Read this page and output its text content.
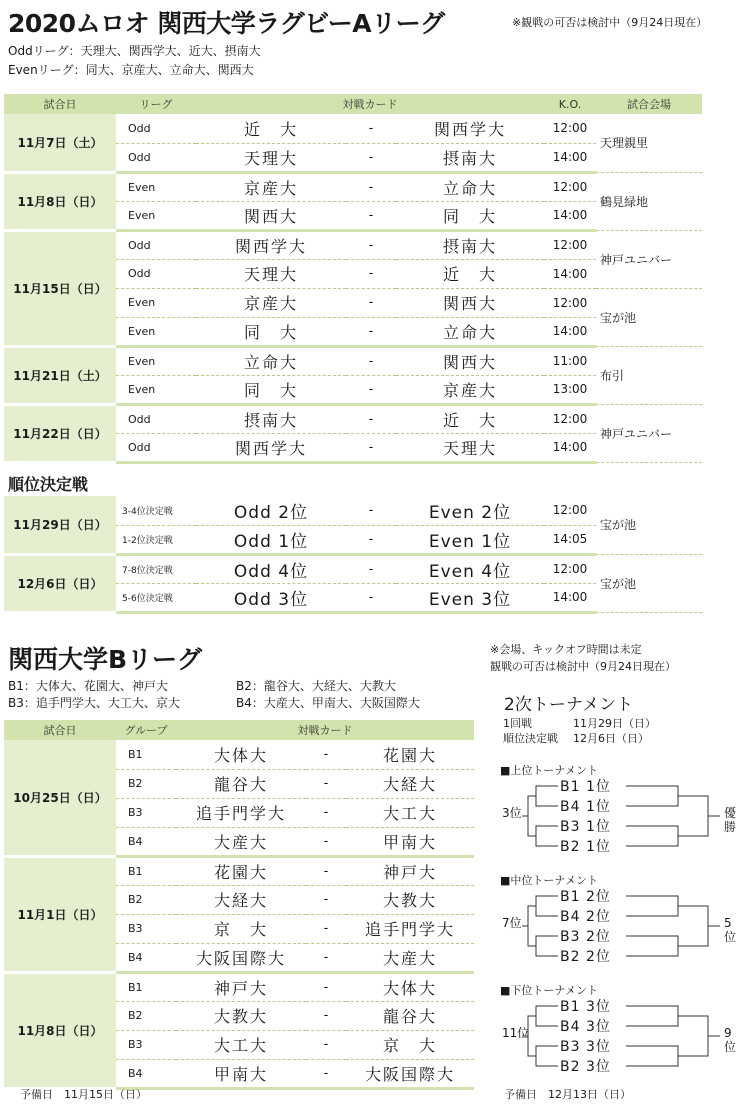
2020ムロオ 関西大学ラグビーAリーグ	※観戦の可否は検討中（9月24日現在）
Oddリーグ：天理大、関西学大、近大、摂南大
Evenリーグ：同大、京産大、立命大、関西大
試合日	リーグ	対戦カード			K.O.	試合会場
11月7日（土）	Odd	近　大	-	関西学大	12:00	天理親里
	Odd	天理大	-	摂南大	14:00	
11月8日（日）	Even	京産大	-	立命大	12:00	鶴見緑地
	Even	関西大	-	同　大	14:00	
11月15日（日）	Odd	関西学大	-	摂南大	12:00	神戸ユニバー
	Odd	天理大	-	近　大	14:00	
	Even	京産大	-	関西大	12:00	宝が池
	Even	同　大	-	立命大	14:00	
11月21日（土）	Even	立命大	-	関西大	11:00	布引
	Even	同　大	-	京産大	13:00	
11月22日（日）	Odd	摂南大	-	近　大	12:00	神戸ユニバー
	Odd	関西学大	-	天理大	14:00	
順位決定戦
11月29日（日）	3-4位決定戦	Odd 2位	-	Even 2位	12:00	宝が池
	1-2位決定戦	Odd 1位	-	Even 1位	14:05	
12月6日（日）	7-8位決定戦	Odd 4位	-	Even 4位	12:00	宝が池
	5-6位決定戦	Odd 3位	-	Even 3位	14:00	
関西大学Bリーグ	※会場、キックオフ時間は未定
観戦の可否は検討中（9月24日現在）
B1：大体大、花園大、神戸大	B2：龍谷大、大経大、大教大
B3：追手門学大、大工大、京大	B4：大産大、甲南大、大阪国際大
試合日	グループ	対戦カード		
10月25日（日）	B1	大体大	-	花園大
	B2	龍谷大	-	大経大
	B3	追手門学大	-	大工大
	B4	大産大	-	甲南大
11月1日（日）	B1	花園大	-	神戸大
	B2	大経大	-	大教大
	B3	京　大	-	追手門学大
	B4	大阪国際大	-	大産大
11月8日（日）	B1	神戸大	-	大体大
	B2	大教大	-	龍谷大
	B3	大工大	-	京　大
	B4	甲南大	-	大阪国際大
予備日　11月15日（日）
2次トーナメント
1回戦	11月29日（日）
順位決定戦 12月6日（日）
■上位トーナメント
B1 1位
B4 1位
B3 1位
B2 1位
3位	優勝
■中位トーナメント
B1 2位
B4 2位
B3 2位
B2 2位
7位	5位
■下位トーナメント
B1 3位
B4 3位
B3 3位
B2 3位
11位	9位
予備日　12月13日（日）
